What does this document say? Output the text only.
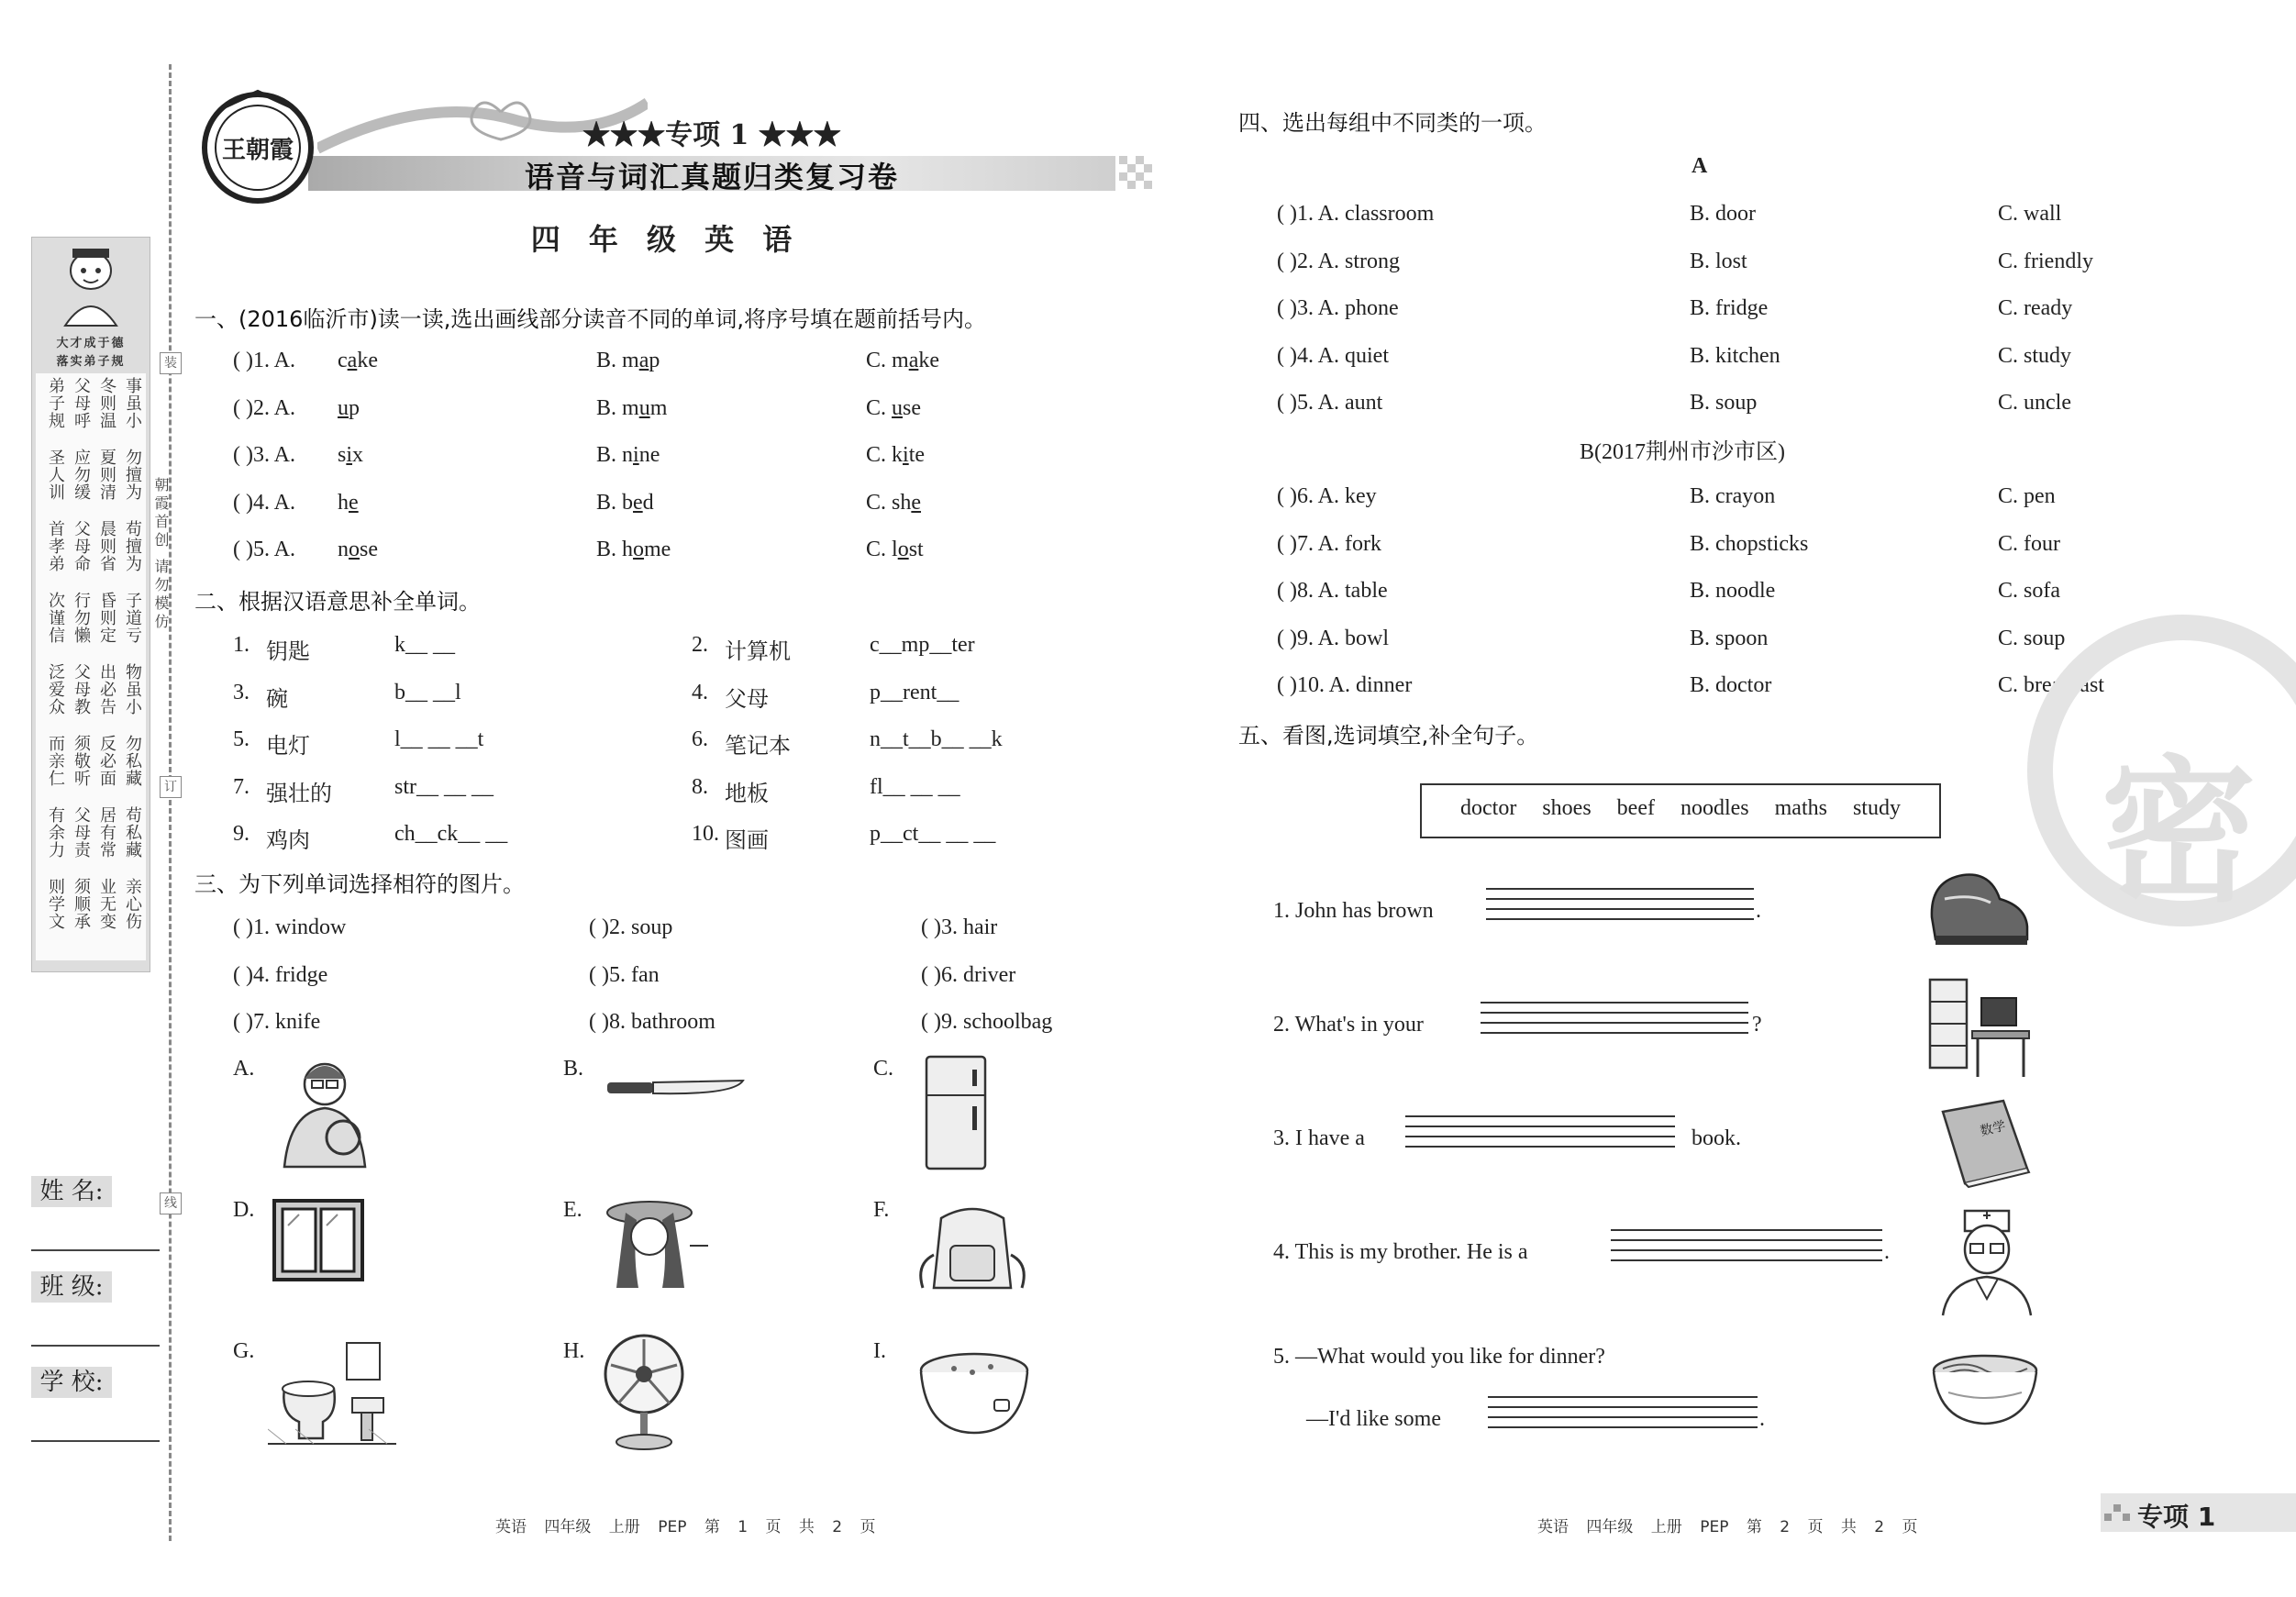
大才成于德
落实弟子规
事虽小
冬则温
父母呼
弟子规
勿擅为
夏则清
应勿缓
圣人训
苟擅为
晨则省
父母命
首孝弟
子道亏
昏则定
行勿懒
次谨信
物虽小
出必告
父母教
泛爱众
勿私藏
反必面
须敬听
而亲仁
苟私藏
居有常
父母责
有余力
亲心伤
业无变
须顺承
则学文
朝霞首创 请勿模仿
装
订
线
姓 名:
班 级:
学 校:
王朝霞	★★★专项 1 ★★★
语音与词汇真题归类复习卷
四 年 级 英 语
一、(2016临沂市)读一读,选出画线部分读音不同的单词,将序号填在题前括号内。
( )1. A. cake	B. map	C. make
( )2. A. up	B. mum	C. use
( )3. A. six	B. nine	C. kite
( )4. A. he	B. bed	C. she
( )5. A. nose	B. home	C. lost
二、根据汉语意思补全单词。
1. 钥匙	k__ __	2. 计算机	c__mp__ter
3. 碗	b__ __l	4. 父母	p__rent__
5. 电灯	l__ __ __t	6. 笔记本	n__t__b__ __k
7. 强壮的	str__ __ __	8. 地板	fl__ __ __
9. 鸡肉	ch__ck__ __	10. 图画	p__ct__ __ __
三、为下列单词选择相符的图片。
( )1. window	( )2. soup	( )3. hair
( )4. fridge	( )5. fan	( )6. driver
( )7. knife	( )8. bathroom	( )9. schoolbag
A.	B.	C.
D.	E.	F.
G.	H.	I.
四、选出每组中不同类的一项。
A
B(2017荆州市沙市区)
( )1. A. classroom	B. door	C. wall
( )2. A. strong	B. lost	C. friendly
( )3. A. phone	B. fridge	C. ready
( )4. A. quiet	B. kitchen	C. study
( )5. A. aunt	B. soup	C. uncle
( )6. A. key	B. crayon	C. pen
( )7. A. fork	B. chopsticks	C. four
( )8. A. table	B. noodle	C. sofa
( )9. A. bowl	B. spoon	C. soup
( )10. A. dinner	B. doctor	C. breakfast
密
五、看图,选词填空,补全句子。
doctor shoes beef noodles maths study
1. John has brown	.
2. What's in your	?
3. I have a	book.
4. This is my brother. He is a	.
5. —What would you like for dinner?
—I'd like some	.
数学
英语 四年级 上册 PEP 第 1 页 共 2 页	英语 四年级 上册 PEP 第 2 页 共 2 页	专项 1
